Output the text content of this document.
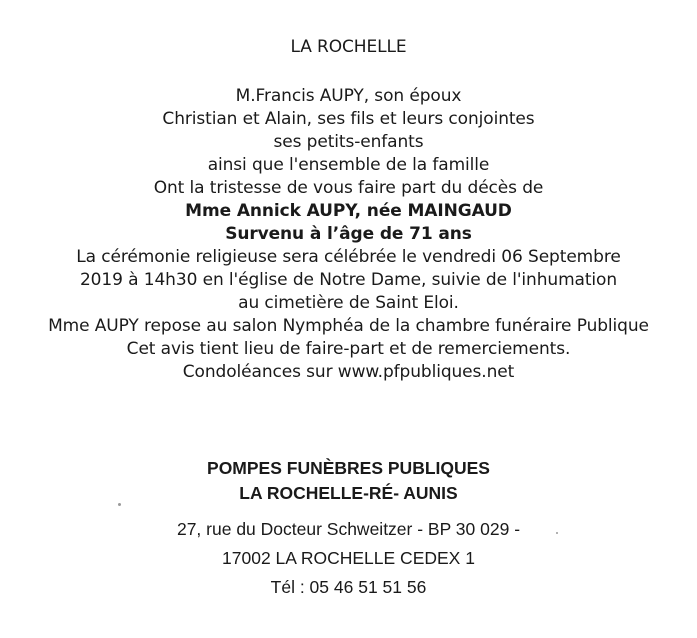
LA ROCHELLE
M.Francis AUPY, son époux
Christian et Alain, ses fils et leurs conjointes
ses petits-enfants
ainsi que l'ensemble de la famille
Ont la tristesse de vous faire part du décès de
Mme Annick AUPY, née MAINGAUD
Survenu à l’âge de 71 ans
La cérémonie religieuse sera célébrée le vendredi 06 Septembre
2019 à 14h30 en l'église de Notre Dame, suivie de l'inhumation
au cimetière de Saint Eloi.
Mme AUPY repose au salon Nymphéa de la chambre funéraire Publique
Cet avis tient lieu de faire-part et de remerciements.
Condoléances sur www.pfpubliques.net
POMPES FUNÈBRES PUBLIQUES
LA ROCHELLE-RÉ- AUNIS
27, rue du Docteur Schweitzer - BP 30 029 -
17002 LA ROCHELLE CEDEX 1
Tél : 05 46 51 51 56
